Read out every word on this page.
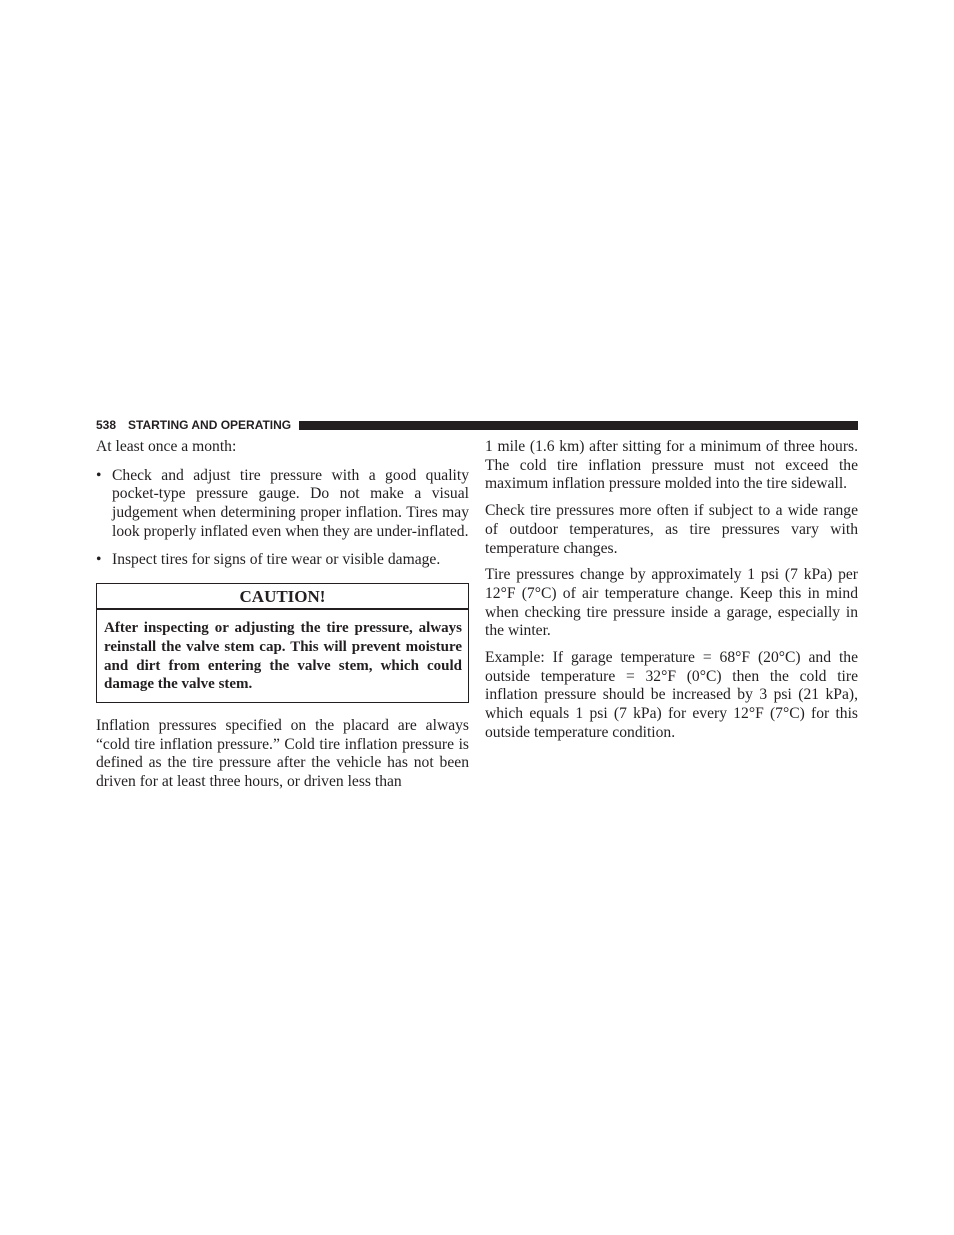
538 STARTING AND OPERATING

At least once a month:

• Check and adjust tire pressure with a good quality pocket-type pressure gauge. Do not make a visual judgement when determining proper inflation. Tires may look properly inflated even when they are under-inflated.
• Inspect tires for signs of tire wear or visible damage.
CAUTION!
After inspecting or adjusting the tire pressure, always reinstall the valve stem cap. This will prevent moisture and dirt from entering the valve stem, which could damage the valve stem.

Inflation pressures specified on the placard are always “cold tire inflation pressure.” Cold tire inflation pressure is defined as the tire pressure after the vehicle has not been driven for at least three hours, or driven less than

1 mile (1.6 km) after sitting for a minimum of three hours. The cold tire inflation pressure must not exceed the maximum inflation pressure molded into the tire sidewall.

Check tire pressures more often if subject to a wide range of outdoor temperatures, as tire pressures vary with temperature changes.

Tire pressures change by approximately 1 psi (7 kPa) per 12°F (7°C) of air temperature change. Keep this in mind when checking tire pressure inside a garage, especially in the winter.

Example: If garage temperature = 68°F (20°C) and the outside temperature = 32°F (0°C) then the cold tire inflation pressure should be increased by 3 psi (21 kPa), which equals 1 psi (7 kPa) for every 12°F (7°C) for this outside temperature condition.
